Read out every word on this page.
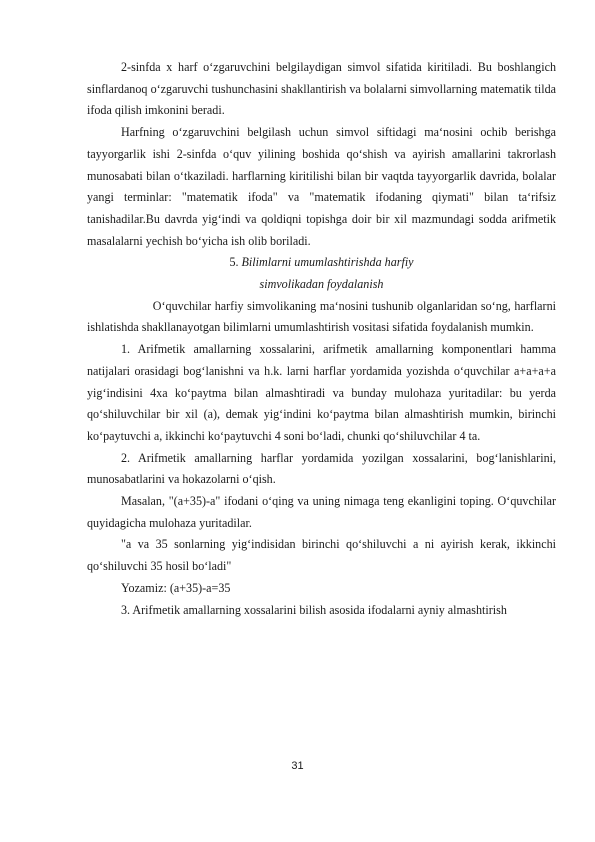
2-sinfda x harf o‘zgaruvchini belgilaydigan simvol sifatida kiritiladi. Bu boshlangich sinflardanoq o‘zgaruvchi tushunchasini shakllantirish va bolalarni simvollarning matematik tilda ifoda qilish imkonini beradi.

Harfning o‘zgaruvchini belgilash uchun simvol siftidagi ma‘nosini ochib berishga tayyorgarlik ishi 2-sinfda o‘quv yilining boshida qo‘shish va ayirish amallarini takrorlash munosabati bilan o‘tkaziladi. harflarning kiritilishi bilan bir vaqtda tayyorgarlik davrida, bolalar yangi terminlar: "matematik ifoda" va "matematik ifodaning qiymati" bilan ta‘rifsiz tanishadilar.Bu davrda yig‘indi va qoldiqni topishga doir bir xil mazmundagi sodda arifmetik masalalarni yechish bo‘yicha ish olib boriladi.

5. Bilimlarni umumlashtirishda harfiy

simvolikadan foydalanish

O‘quvchilar harfiy simvolikaning ma‘nosini tushunib olganlaridan so‘ng, harflarni ishlatishda shakllanayotgan bilimlarni umumlashtirish vositasi sifatida foydalanish mumkin.

1. Arifmetik amallarning xossalarini, arifmetik amallarning komponentlari hamma natijalari orasidagi bog‘lanishni va h.k. larni harflar yordamida yozishda o‘quvchilar a+a+a+a yig‘indisini 4xa ko‘paytma bilan almashtiradi va bunday mulohaza yuritadilar: bu yerda qo‘shiluvchilar bir xil (a), demak yig‘indini ko‘paytma bilan almashtirish mumkin, birinchi ko‘paytuvchi a, ikkinchi ko‘paytuvchi 4 soni bo‘ladi, chunki qo‘shiluvchilar 4 ta.

2. Arifmetik amallarning harflar yordamida yozilgan xossalarini, bog‘lanishlarini, munosabatlarini va hokazolarni o‘qish.

Masalan, "(a+35)-a" ifodani o‘qing va uning nimaga teng ekanligini toping. O‘quvchilar quyidagicha mulohaza yuritadilar.

"a va 35 sonlarning yig‘indisidan birinchi qo‘shiluvchi a ni ayirish kerak, ikkinchi qo‘shiluvchi 35 hosil bo‘ladi"

Yozamiz: (a+35)-a=35

3. Arifmetik amallarning xossalarini bilish asosida ifodalarni ayniy almashtirish

31
